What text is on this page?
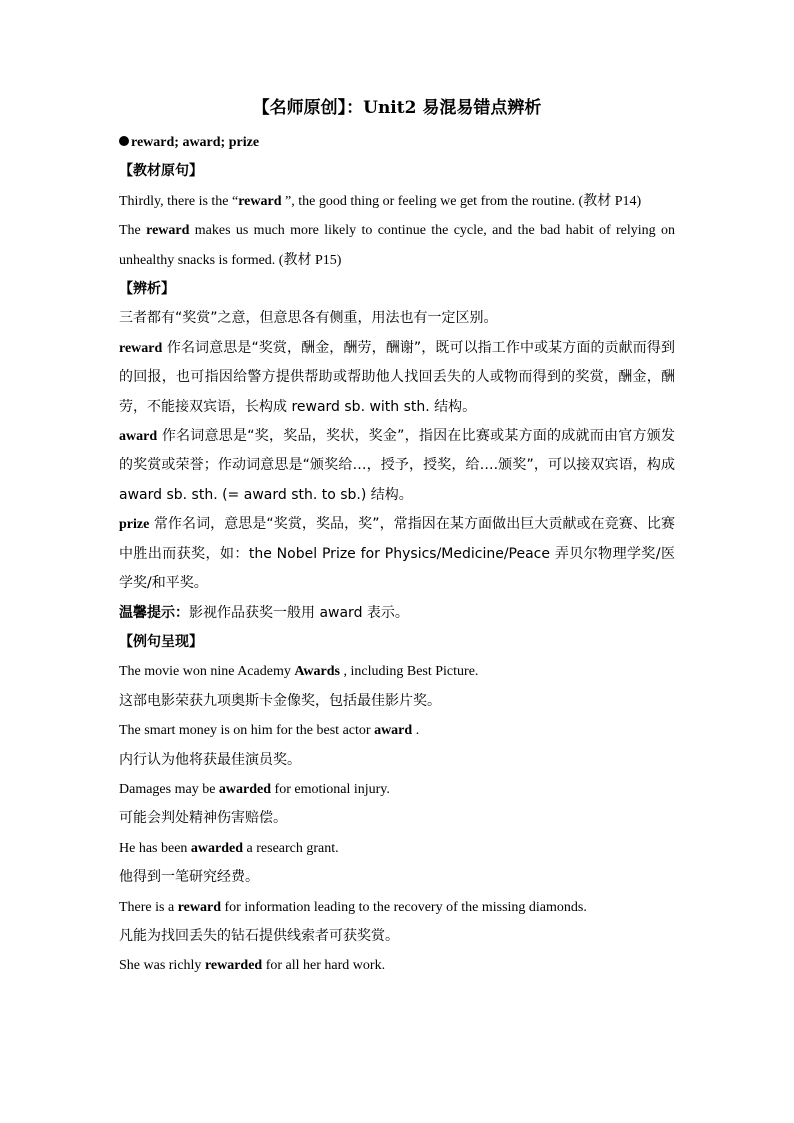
【名师原创】：Unit2 易混易错点辨析

reward; award; prize

【教材原句】

Thirdly, there is the “reward ”, the good thing or feeling we get from the routine. (教材 P14)

The reward makes us much more likely to continue the cycle, and the bad habit of relying on unhealthy snacks is formed. (教材 P15)

【辨析】

三者都有“奖赏”之意，但意思各有侧重，用法也有一定区别。

reward 作名词意思是“奖赏，酬金，酬劳，酬谢”，既可以指工作中或某方面的贡献而得到的回报，也可指因给警方提供帮助或帮助他人找回丢失的人或物而得到的奖赏，酬金，酬劳，不能接双宾语，长构成 reward sb. with sth. 结构。

award 作名词意思是“奖，奖品，奖状，奖金”，指因在比赛或某方面的成就而由官方颁发的奖赏或荣誉；作动词意思是“颁奖给…，授予，授奖，给….颁奖”，可以接双宾语，构成 award sb. sth. (= award sth. to sb.) 结构。

prize 常作名词，意思是“奖赏，奖品，奖”，常指因在某方面做出巨大贡献或在竞赛、比赛中胜出而获奖，如：the Nobel Prize for Physics/Medicine/Peace 弄贝尔物理学奖/医学奖/和平奖。

温馨提示：影视作品获奖一般用 award 表示。

【例句呈现】

The movie won nine Academy Awards , including Best Picture.

这部电影荣获九项奥斯卡金像奖，包括最佳影片奖。

The smart money is on him for the best actor award .

内行认为他将获最佳演员奖。

Damages may be awarded for emotional injury.

可能会判处精神伤害赔偿。

He has been awarded a research grant.

他得到一笔研究经费。

There is a reward for information leading to the recovery of the missing diamonds.

凡能为找回丢失的钻石提供线索者可获奖赏。

She was richly rewarded for all her hard work.
